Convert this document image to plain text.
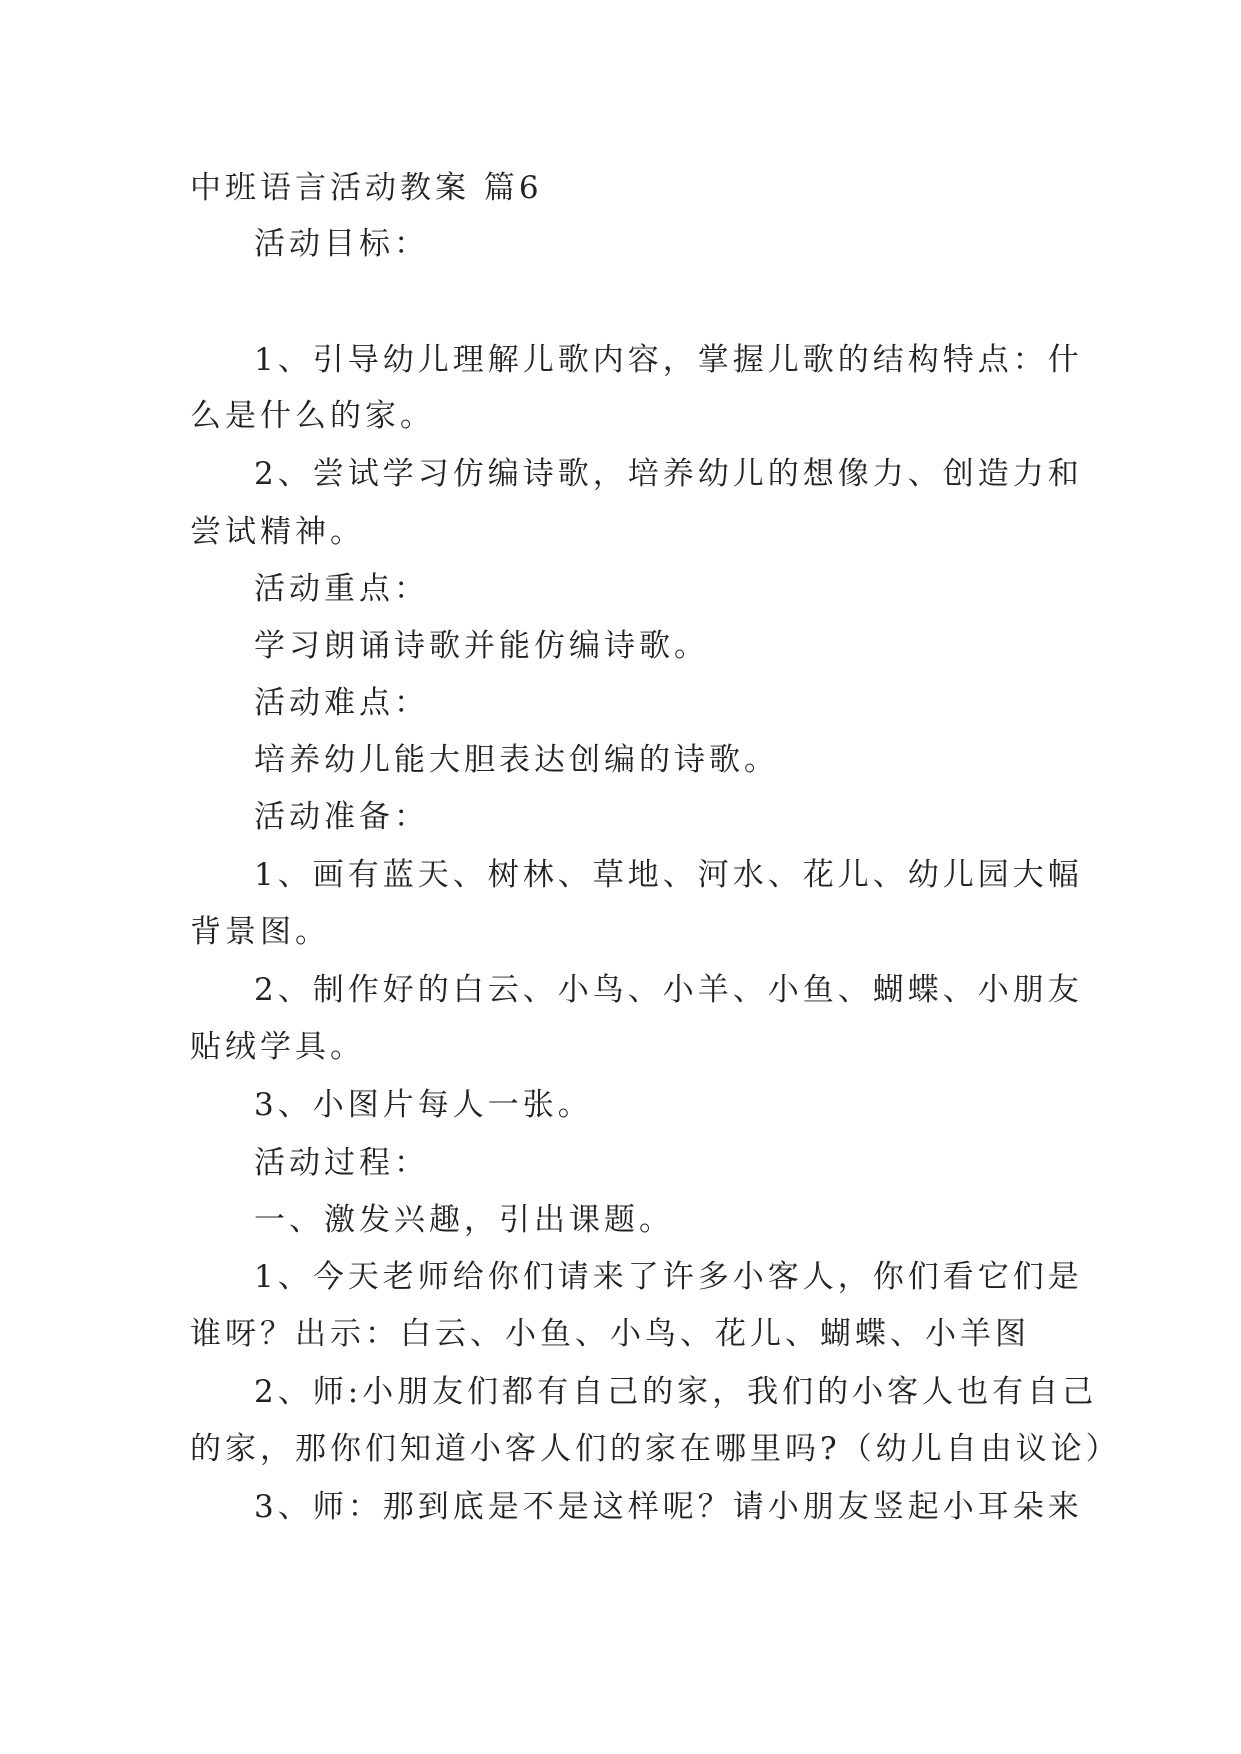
中班语言活动教案 篇6
活动目标：
1、引导幼儿理解儿歌内容，掌握儿歌的结构特点：什
么是什么的家。
2、尝试学习仿编诗歌，培养幼儿的想像力、创造力和
尝试精神。
活动重点：
学习朗诵诗歌并能仿编诗歌。
活动难点：
培养幼儿能大胆表达创编的诗歌。
活动准备：
1、画有蓝天、树林、草地、河水、花儿、幼儿园大幅
背景图。
2、制作好的白云、小鸟、小羊、小鱼、蝴蝶、小朋友
贴绒学具。
3、小图片每人一张。
活动过程：
一、激发兴趣，引出课题。
1、今天老师给你们请来了许多小客人，你们看它们是
谁呀？出示：白云、小鱼、小鸟、花儿、蝴蝶、小羊图
2、师:小朋友们都有自己的家，我们的小客人也有自己
的家，那你们知道小客人们的家在哪里吗?（幼儿自由议论）
3、师：那到底是不是这样呢？请小朋友竖起小耳朵来
